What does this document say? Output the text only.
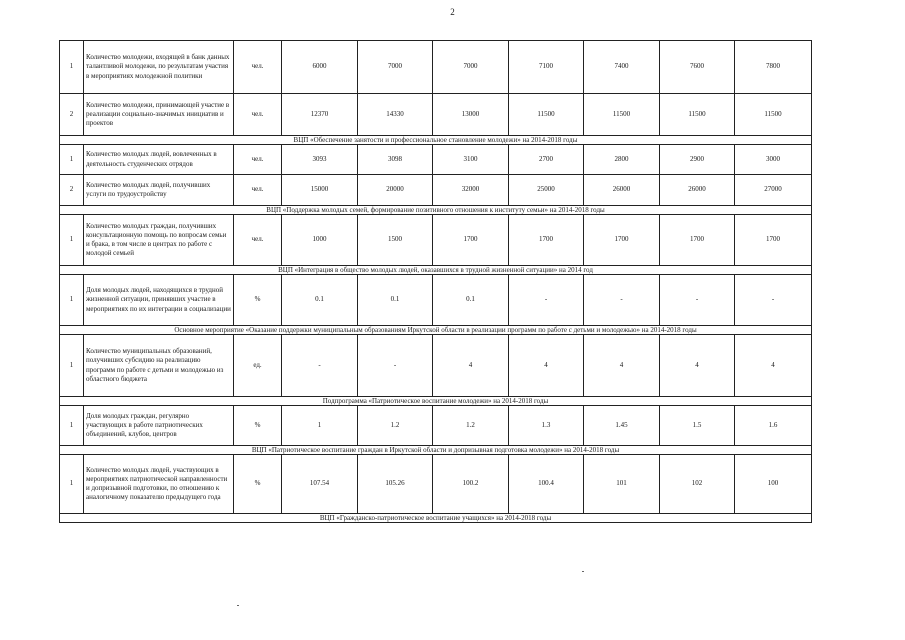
2
1	Количество молодежи, входящей в банк данных талантливой молодежи, по результатам участия в мероприятиях молодежной политики	чел.	6000	7000	7000	7100	7400	7600	7800
2	Количество молодежи, принимающей участие в реализации социально-значимых инициатив и проектов	чел.	12370	14330	13000	11500	11500	11500	11500
ВЦП «Обеспечение занятости и профессиональное становление молодежи» на 2014-2018 годы									
1	Количество молодых людей, вовлеченных в деятельность студенческих отрядов	чел.	3093	3098	3100	2700	2800	2900	3000
2	Количество молодых людей, получивших услуги по трудоустройству	чел.	15000	20000	32000	25000	26000	26000	27000
ВЦП «Поддержка молодых семей, формирование позитивного отношения к институту семьи» на 2014-2018 годы									
1	Количество молодых граждан, получивших консультационную помощь по вопросам семьи и брака, в том числе в центрах по работе с молодой семьей	чел.	1000	1500	1700	1700	1700	1700	1700
ВЦП «Интеграция в общество молодых людей, оказавшихся в трудной жизненной ситуации» на 2014 год									
1	Доля молодых людей, находящихся в трудной жизненной ситуации, принявших участие в мероприятиях по их интеграции в социализации	%	0.1	0.1	0.1	-	-	-	-
Основное мероприятие «Оказание поддержки муниципальным образованиям Иркутской области в реализации программ по работе с детьми и молодежью» на 2014-2018 годы									
1	Количество муниципальных образований, получивших субсидию на реализацию программ по работе с детьми и молодежью из областного бюджета	ед.	-	-	4	4	4	4	4
Подпрограмма «Патриотическое воспитание молодежи» на 2014-2018 годы									
1	Доля молодых граждан, регулярно участвующих в работе патриотических объединений, клубов, центров	%	1	1.2	1.2	1.3	1.45	1.5	1.6
ВЦП «Патриотическое воспитание граждан в Иркутской области и допризывная подготовка молодежи» на 2014-2018 годы									
1	Количество молодых людей, участвующих в мероприятиях патриотической направленности и допризывной подготовки, по отношению к аналогичному показателю предыдущего года	%	107.54	105.26	100.2	100.4	101	102	100
ВЦП «Гражданско-патриотическое воспитание учащихся» на 2014-2018 годы									
